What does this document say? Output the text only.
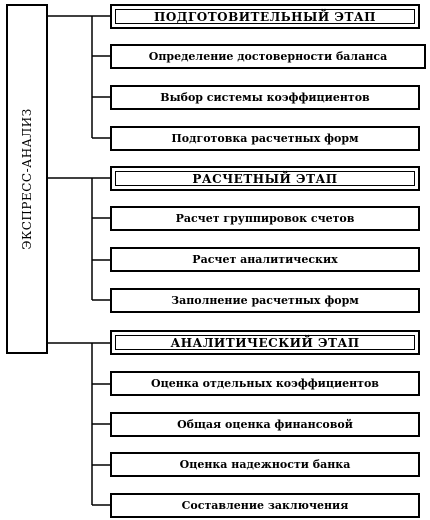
ЭКСПРЕСС-АНАЛИЗ
ПОДГОТОВИТЕЛЬНЫЙ ЭТАП
Определение достоверности баланса
Выбор системы коэффициентов
Подготовка расчетных форм
РАСЧЕТНЫЙ ЭТАП
Расчет группировок счетов
Расчет аналитических
Заполнение расчетных форм
АНАЛИТИЧЕСКИЙ ЭТАП
Оценка отдельных коэффициентов
Общая оценка финансовой
Оценка надежности банка
Составление заключения
